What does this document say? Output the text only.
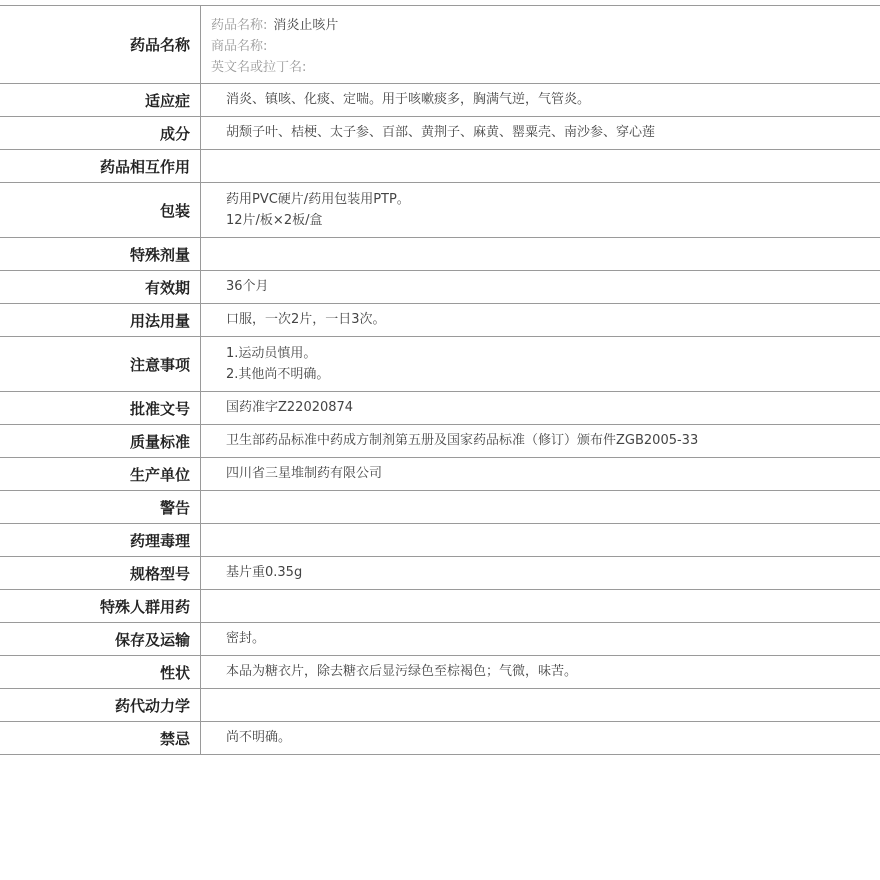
药品名称	药品名称: 消炎止咳片
商品名称:
英文名或拉丁名:

适应症	消炎、镇咳、化痰、定喘。用于咳嗽痰多，胸满气逆，气管炎。

成分	胡颓子叶、桔梗、太子参、百部、黄荆子、麻黄、罂粟壳、南沙参、穿心莲

药品相互作用	
包装	药用PVC硬片/药用包装用PTP。
12片/板×2板/盒

特殊剂量	
有效期	36个月

用法用量	口服，一次2片，一日3次。

注意事项	1.运动员慎用。
2.其他尚不明确。

批准文号	国药准字Z22020874

质量标准	卫生部药品标准中药成方制剂第五册及国家药品标准（修订）颁布件ZGB2005-33

生产单位	四川省三星堆制药有限公司

警告	
药理毒理	
规格型号	基片重0.35g

特殊人群用药	
保存及运输	密封。

性状	本品为糖衣片，除去糖衣后显污绿色至棕褐色；气微，味苦。

药代动力学	
禁忌	尚不明确。
